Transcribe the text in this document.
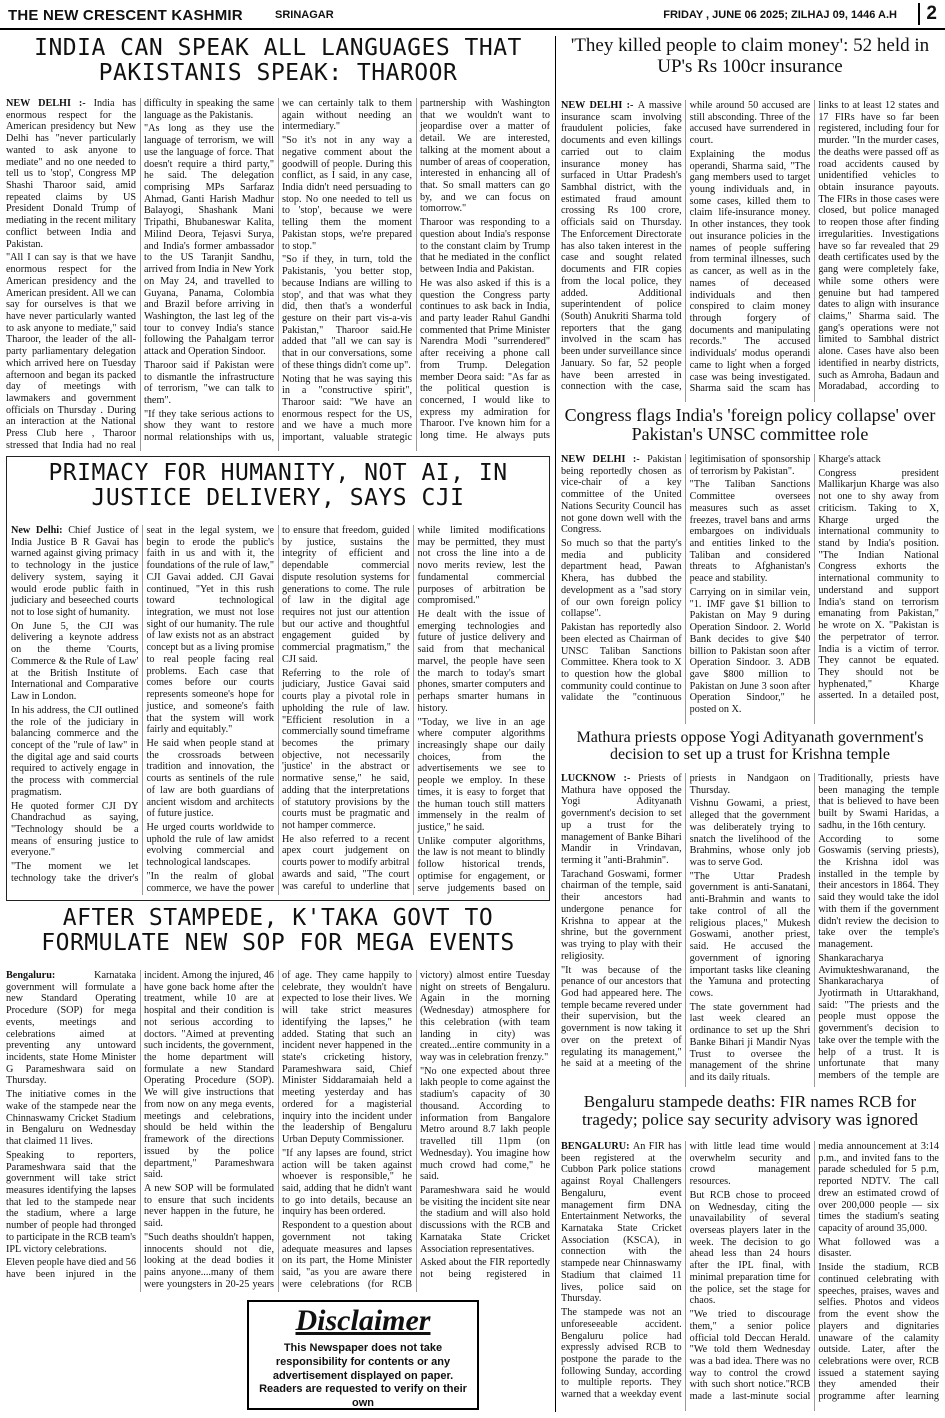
THE NEW CRESCENT KASHMIR	SRINAGAR	FRIDAY , JUNE 06 2025; ZILHAJ 09, 1446 A.H	2
INDIA CAN SPEAK ALL LANGUAGES THAT PAKISTANIS SPEAK: THAROOR

NEW DELHI :- India has enormous respect for the American presidency but New Delhi has "never particularly wanted to ask anyone to mediate" and no one needed to tell us to 'stop', Congress MP Shashi Tharoor said, amid repeated claims by US President Donald Trump of mediating in the recent military conflict between India and Pakistan.

"All I can say is that we have enormous respect for the American presidency and the American president. All we can say for ourselves is that we have never particularly wanted to ask anyone to mediate," said Tharoor, the leader of the all-party parliamentary delegation which arrived here on Tuesday afternoon and began its packed day of meetings with lawmakers and government officials on Thursday . During an interaction at the National Press Club here , Tharoor stressed that India had no real difficulty in speaking the same language as the Pakistanis.

"As long as they use the language of terrorism, we will use the language of force. That doesn't require a third party," he said. The delegation comprising MPs Sarfaraz Ahmad, Ganti Harish Madhur Balayogi, Shashank Mani Tripathi, Bhubaneswar Kalita, Milind Deora, Tejasvi Surya, and India's former ambassador to the US Taranjit Sandhu, arrived from India in New York on May 24, and travelled to Guyana, Panama, Colombia and Brazil before arriving in Washington, the last leg of the tour to convey India's stance following the Pahalgam terror attack and Operation Sindoor.

Tharoor said if Pakistan were to dismantle the infrastructure of terrorism, "we can talk to them".

"If they take serious actions to show they want to restore normal relationships with us, we can certainly talk to them again without needing an intermediary."

"So it's not in any way a negative comment about the goodwill of people. During this conflict, as I said, in any case, India didn't need persuading to stop. No one needed to tell us to 'stop', because we were telling them the moment Pakistan stops, we're prepared to stop."

"So if they, in turn, told the Pakistanis, 'you better stop, because Indians are willing to stop', and that was what they did, then that's a wonderful gesture on their part vis-a-vis Pakistan," Tharoor said.He added that "all we can say is that in our conversations, some of these things didn't come up".

Noting that he was saying this in a "constructive spirit", Tharoor said: "We have an enormous respect for the US, and we have a much more important, valuable strategic partnership with Washington that we wouldn't want to jeopardise over a matter of detail. We are interested, talking at the moment about a number of areas of cooperation, interested in enhancing all of that. So small matters can go by, and we can focus on tomorrow."

Tharoor was responding to a question about India's response to the constant claim by Trump that he mediated in the conflict between India and Pakistan.

He was also asked if this is a question the Congress party continues to ask back in India, and party leader Rahul Gandhi commented that Prime Minister Narendra Modi "surrendered" after receiving a phone call from Trump. Delegation member Deora said: "As far as the political question is concerned, I would like to express my admiration for Tharoor. I've known him for a long time. He always puts

'They killed people to claim money': 52 held in UP's Rs 100cr insurance

NEW DELHI :- A massive insurance scam involving fraudulent policies, fake documents and even killings carried out to claim insurance money has surfaced in Uttar Pradesh's Sambhal district, with the estimated fraud amount crossing Rs 100 crore, officials said on Thursday. The Enforcement Directorate has also taken interest in the case and sought related documents and FIR copies from the local police, they added. Additional superintendent of police (South) Anukriti Sharma told reporters that the gang involved in the scam has been under surveillance since January. So far, 52 people have been arrested in connection with the case, while around 50 accused are still absconding. Three of the accused have surrendered in court.

Explaining the modus operandi, Sharma said, "The gang members used to target young individuals and, in some cases, killed them to claim life-insurance money. In other instances, they took out insurance policies in the names of people suffering from terminal illnesses, such as cancer, as well as in the names of deceased individuals and then conspired to claim money through forgery of documents and manipulating records." The accused individuals' modus operandi came to light when a forged case was being investigated. Sharma said the scam has links to at least 12 states and 17 FIRs have so far been registered, including four for murder. "In the murder cases, the deaths were passed off as road accidents caused by unidentified vehicles to obtain insurance payouts. The FIRs in those cases were closed, but police managed to reopen those after finding irregularities. Investigations have so far revealed that 29 death certificates used by the gang were completely fake, while some others were genuine but had tampered dates to align with insurance claims," Sharma said. The gang's operations were not limited to Sambhal district alone. Cases have also been identified in nearby districts, such as Amroha, Badaun and Moradabad, according to

Congress flags India's 'foreign policy collapse' over Pakistan's UNSC committee role

NEW DELHI :- Pakistan being reportedly chosen as vice-chair of a key committee of the United Nations Security Council has not gone down well with the Congress.

So much so that the party's media and publicity department head, Pawan Khera, has dubbed the development as a "sad story of our own foreign policy collapse".

Pakistan has reportedly also been elected as Chairman of UNSC Taliban Sanctions Committee. Khera took to X to question how the global community could continue to validate the "continuous legitimisation of sponsorship of terrorism by Pakistan".

"The Taliban Sanctions Committee oversees measures such as asset freezes, travel bans and arms embargoes on individuals and entities linked to the Taliban and considered threats to Afghanistan's peace and stability.

Carrying on in similar vein, "1. IMF gave $1 billion to Pakistan on May 9 during Operation Sindoor. 2. World Bank decides to give $40 billion to Pakistan soon after Operation Sindoor. 3. ADB gave $800 million to Pakistan on June 3 soon after Operation Sindoor," he posted on X.

Kharge's attack

Congress president Mallikarjun Kharge was also not one to shy away from criticism. Taking to X, Kharge urged the international community to stand by India's position. "The Indian National Congress exhorts the international community to understand and support India's stand on terrorism emanating from Pakistan," he wrote on X. "Pakistan is the perpetrator of terror. India is a victim of terror. They cannot be equated. They should not be hyphenated," Kharge asserted. In a detailed post,

PRIMACY FOR HUMANITY, NOT AI, IN JUSTICE DELIVERY, SAYS CJI

New Delhi: Chief Justice of India Justice B R Gavai has warned against giving primacy to technology in the justice delivery system, saying it would erode public faith in judiciary and beseeched courts not to lose sight of humanity.

On June 5, the CJI was delivering a keynote address on the theme 'Courts, Commerce & the Rule of Law' at the British Institute of International and Comparative Law in London.

In his address, the CJI outlined the role of the judiciary in balancing commerce and the concept of the "rule of law" in the digital age and said courts required to actively engage in the process with commercial pragmatism.

He quoted former CJI DY Chandrachud as saying, "Technology should be a means of ensuring justice to everyone."

"The moment we let technology take the driver's seat in the legal system, we begin to erode the public's faith in us and with it, the foundations of the rule of law," CJI Gavai added. CJI Gavai continued, "Yet in this rush toward technological integration, we must not lose sight of our humanity. The rule of law exists not as an abstract concept but as a living promise to real people facing real problems. Each case that comes before our courts represents someone's hope for justice, and someone's faith that the system will work fairly and equitably."

He said when people stand at the crossroads between tradition and innovation, the courts as sentinels of the rule of law are both guardians of ancient wisdom and architects of future justice.

He urged courts worldwide to uphold the rule of law amidst evolving commercial and technological landscapes.

"In the realm of global commerce, we have the power to ensure that freedom, guided by justice, sustains the integrity of efficient and dependable commercial dispute resolution systems for generations to come. The rule of law in the digital age requires not just our attention but our active and thoughtful engagement guided by commercial pragmatism," the CJI said.

Referring to the role of judiciary, Justice Gavai said courts play a pivotal role in upholding the rule of law. "Efficient resolution in a commercially sound timeframe becomes the primary objective, not necessarily 'justice' in the abstract or normative sense," he said, adding that the interpretations of statutory provisions by the courts must be pragmatic and not hamper commerce.

He also referred to a recent apex court judgement on courts power to modify arbitral awards and said, "The court was careful to underline that while limited modifications may be permitted, they must not cross the line into a de novo merits review, lest the fundamental commercial purposes of arbitration be compromised."

He dealt with the issue of emerging technologies and future of justice delivery and said from that mechanical marvel, the people have seen the march to today's smart phones, smarter computers and perhaps smarter humans in history.

"Today, we live in an age where computer algorithms increasingly shape our daily choices, from the advertisements we see to people we employ. In these times, it is easy to forget that the human touch still matters immensely in the realm of justice," he said.

Unlike computer algorithms, the law is not meant to blindly follow historical trends, optimise for engagement, or serve judgements based on

Mathura priests oppose Yogi Adityanath government's decision to set up a trust for Krishna temple

LUCKNOW :- Priests of Mathura have opposed the Yogi Adityanath government's decision to set up a trust for the management of Banke Bihari Mandir in Vrindavan, terming it "anti-Brahmin".

Tarachand Goswami, former chairman of the temple, said their ancestors had undergone penance for Krishna to appear at the shrine, but the government was trying to play with their religiosity.

"It was because of the penance of our ancestors that God had appeared here. The temple became revered under their supervision, but the government is now taking it over on the pretext of regulating its management," he said at a meeting of the priests in Nandgaon on Thursday.

Vishnu Gowami, a priest, alleged that the government was deliberately trying to snatch the livelihood of the Brahmins, whose only job was to serve God.

"The Uttar Pradesh government is anti-Sanatani, anti-Brahmin and wants to take control of all the religious places," Mukesh Goswami, another priest, said. He accused the government of ignoring important tasks like cleaning the Yamuna and protecting cows.

The state government had last week cleared an ordinance to set up the Shri Banke Bihari ji Mandir Nyas Trust to oversee the management of the shrine and its daily rituals.

Traditionally, priests have been managing the temple that is believed to have been built by Swami Haridas, a sadhu, in the 16th century.

According to some Goswamis (serving priests), the Krishna idol was installed in the temple by their ancestors in 1864. They said they would take the idol with them if the government didn't review the decision to take over the temple's management.

Shankaracharya Avimukteshwaranand, the Shankaracharya of Jyotirmath in Uttarakhand, said: "The priests and the people must oppose the government's decision to take over the temple with the help of a trust. It is unfortunate that many members of the temple are

AFTER STAMPEDE, K'TAKA GOVT TO FORMULATE NEW SOP FOR MEGA EVENTS

Bengaluru: Karnataka government will formulate a new Standard Operating Procedure (SOP) for mega events, meetings and celebrations aimed at preventing any untoward incidents, state Home Minister G Parameshwara said on Thursday.

The initiative comes in the wake of the stampede near the Chinnaswamy Cricket Stadium in Bengaluru on Wednesday that claimed 11 lives.

Speaking to reporters, Parameshwara said that the government will take strict measures identifying the lapses that led to the stampede near the stadium, where a large number of people had thronged to participate in the RCB team's IPL victory celebrations.

Eleven people have died and 56 have been injured in the incident. Among the injured, 46 have gone back home after the treatment, while 10 are at hospital and their condition is not serious according to doctors. "Aimed at preventing such incidents, the government, the home department will formulate a new Standard Operating Procedure (SOP). We will give instructions that from now on any mega events, meetings and celebrations, should be held within the framework of the directions issued by the police department," Parameshwara said.

A new SOP will be formulated to ensure that such incidents never happen in the future, he said.

"Such deaths shouldn't happen, innocents should not die, looking at the dead bodies it pains anyone....many of them were youngsters in 20-25 years of age. They came happily to celebrate, they wouldn't have expected to lose their lives. We will take strict measures identifying the lapses," he added. Stating that such an incident never happened in the state's cricketing history, Parameshwara said, Chief Minister Siddaramaiah held a meeting yesterday and has ordered for a magisterial inquiry into the incident under the leadership of Bengaluru Urban Deputy Commissioner.

"If any lapses are found, strict action will be taken against whoever is responsible," he said, adding that he didn't want to go into details, because an inquiry has been ordered.

Respondent to a question about government not taking adequate measures and lapses on its part, the Home Minister said, "as you are aware there were celebrations (for RCB victory) almost entire Tuesday night on streets of Bengaluru. Again in the morning (Wednesday) atmosphere for this celebration (with team landing in city) was created...entire community in a way was in celebration frenzy."

"No one expected about three lakh people to come against the stadium's capacity of 30 thousand. According to information from Bangalore Metro around 8.7 lakh people travelled till 11pm (on Wednesday). You imagine how much crowd had come," he said.

Parameshwara said he would be visiting the incident site near the stadium and will also hold discussions with the RCB and Karnataka State Cricket Association representatives.

Asked about the FIR reportedly not being registered in

Bengaluru stampede deaths: FIR names RCB for tragedy; police say security advisory was ignored

BENGALURU: An FIR has been registered at the Cubbon Park police stations against Royal Challengers Bengaluru, event management firm DNA Entertainment Networks, the Karnataka State Cricket Association (KSCA), in connection with the stampede near Chinnaswamy Stadium that claimed 11 lives, police said on Thursday.

The stampede was not an unforeseeable accident. Bengaluru police had expressly advised RCB to postpone the parade to the following Sunday, according to multiple reports. They warned that a weekday event with little lead time would overwhelm security and crowd management resources.

But RCB chose to proceed on Wednesday, citing the unavailability of several overseas players later in the week. The decision to go ahead less than 24 hours after the IPL final, with minimal preparation time for the police, set the stage for chaos.

"We tried to discourage them," a senior police official told Deccan Herald. "We told them Wednesday was a bad idea. There was no way to control the crowd with such short notice."RCB made a last-minute social media announcement at 3:14 p.m., and invited fans to the parade scheduled for 5 p.m, reported NDTV. The call drew an estimated crowd of over 200,000 people — six times the stadium's seating capacity of around 35,000.

What followed was a disaster.

Inside the stadium, RCB continued celebrating with speeches, praises, waves and selfies. Photos and videos from the event show the players and dignitaries unaware of the calamity outside. Later, after the celebrations were over, RCB issued a statement saying they amended their programme after learning

Disclaimer
This Newspaper does not take responsibility for contents or any advertisement displayed on paper. Readers are requested to verify on their own
